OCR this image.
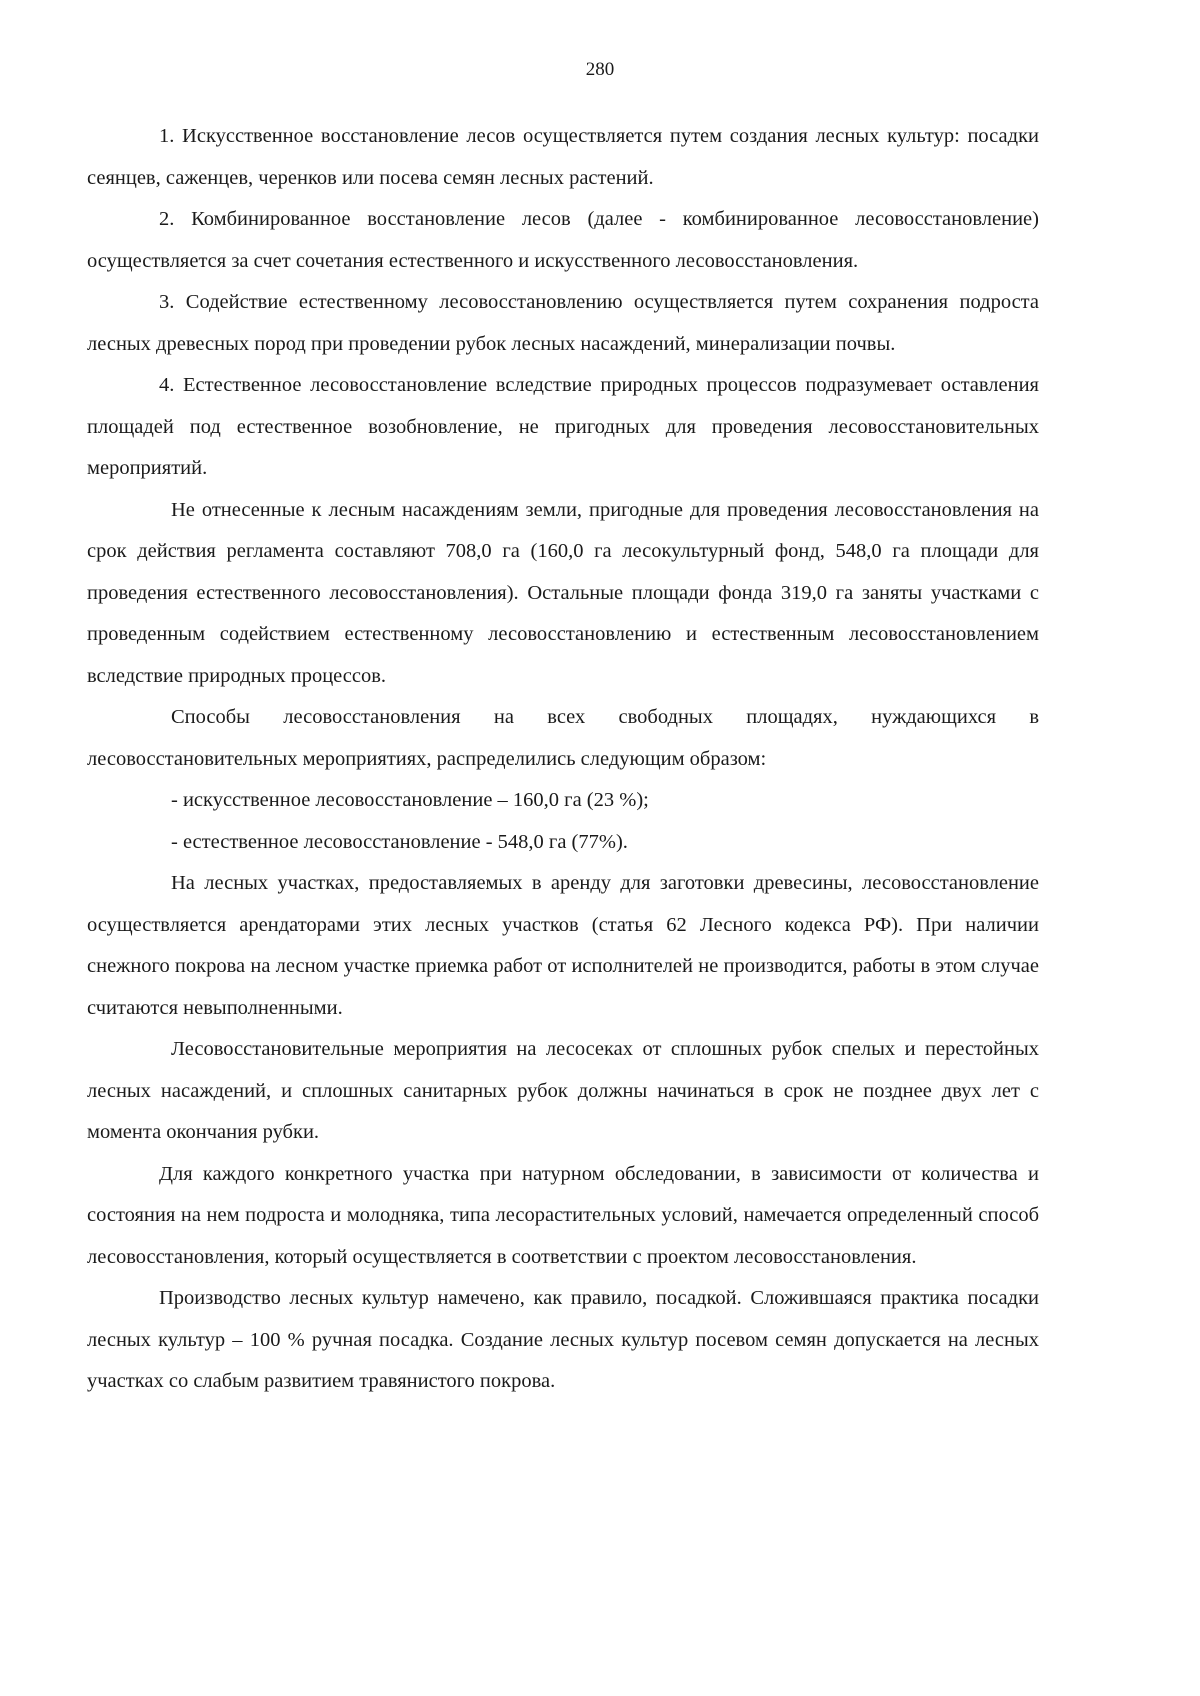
280

1. Искусственное восстановление лесов осуществляется путем создания лесных культур: посадки сеянцев, саженцев, черенков или посева семян лесных растений.

2. Комбинированное восстановление лесов (далее - комбинированное лесовосстановление) осуществляется за счет сочетания естественного и искусственного лесовосстановления.

3. Содействие естественному лесовосстановлению осуществляется путем сохранения подроста лесных древесных пород при проведении рубок лесных насаждений, минерализации почвы.

4. Естественное лесовосстановление вследствие природных процессов подразумевает оставления площадей под естественное возобновление, не пригодных для проведения лесовосстановительных мероприятий.

Не отнесенные к лесным насаждениям земли, пригодные для проведения лесовосстановления на срок действия регламента составляют 708,0 га (160,0 га лесокультурный фонд, 548,0 га площади для проведения естественного лесовосстановления). Остальные площади фонда 319,0 га заняты участками с проведенным содействием естественному лесовосстановлению и естественным лесовосстановлением вследствие природных процессов.

Способы лесовосстановления на всех свободных площадях, нуждающихся в лесовосстановительных мероприятиях, распределились следующим образом:

- искусственное лесовосстановление – 160,0 га (23 %);

- естественное лесовосстановление - 548,0 га (77%).

На лесных участках, предоставляемых в аренду для заготовки древесины, лесовосстановление осуществляется арендаторами этих лесных участков (статья 62 Лесного кодекса РФ). При наличии снежного покрова на лесном участке приемка работ от исполнителей не производится, работы в этом случае считаются невыполненными.

Лесовосстановительные мероприятия на лесосеках от сплошных рубок спелых и перестойных лесных насаждений, и сплошных санитарных рубок должны начинаться в срок не позднее двух лет с момента окончания рубки.

Для каждого конкретного участка при натурном обследовании, в зависимости от количества и состояния на нем подроста и молодняка, типа лесорастительных условий, намечается определенный способ лесовосстановления, который осуществляется в соответствии с проектом лесовосстановления.

Производство лесных культур намечено, как правило, посадкой. Сложившаяся практика посадки лесных культур – 100 % ручная посадка. Создание лесных культур посевом семян допускается на лесных участках со слабым развитием травянистого покрова.
